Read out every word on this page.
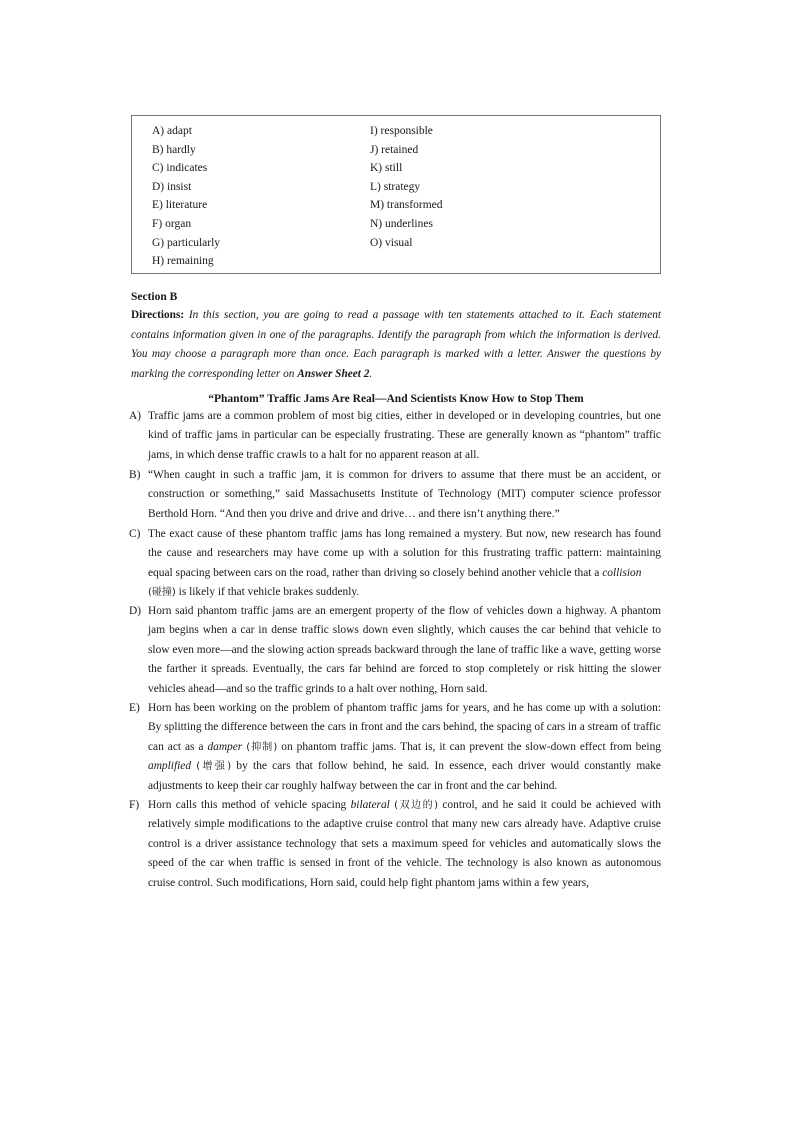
A) adapt
B) hardly
C) indicates
D) insist
E) literature
F) organ
G) particularly
H) remaining
I) responsible
J) retained
K) still
L) strategy
M) transformed
N) underlines
O) visual
Section B
Directions: In this section, you are going to read a passage with ten statements attached to it. Each statement contains information given in one of the paragraphs. Identify the paragraph from which the information is derived. You may choose a paragraph more than once. Each paragraph is marked with a letter. Answer the questions by marking the corresponding letter on Answer Sheet 2.
“Phantom” Traffic Jams Are Real—And Scientists Know How to Stop Them
A) Traffic jams are a common problem of most big cities, either in developed or in developing countries, but one kind of traffic jams in particular can be especially frustrating. These are generally known as “phantom” traffic jams, in which dense traffic crawls to a halt for no apparent reason at all.
B) “When caught in such a traffic jam, it is common for drivers to assume that there must be an accident, or construction or something,” said Massachusetts Institute of Technology (MIT) computer science professor Berthold Horn. “And then you drive and drive and drive… and there isn’t anything there.”
C) The exact cause of these phantom traffic jams has long remained a mystery. But now, new research has found the cause and researchers may have come up with a solution for this frustrating traffic pattern: maintaining equal spacing between cars on the road, rather than driving so closely behind another vehicle that a collision
(碰撞) is likely if that vehicle brakes suddenly.
D) Horn said phantom traffic jams are an emergent property of the flow of vehicles down a highway. A phantom jam begins when a car in dense traffic slows down even slightly, which causes the car behind that vehicle to slow even more—and the slowing action spreads backward through the lane of traffic like a wave, getting worse the farther it spreads. Eventually, the cars far behind are forced to stop completely or risk hitting the slower vehicles ahead—and so the traffic grinds to a halt over nothing, Horn said.
E) Horn has been working on the problem of phantom traffic jams for years, and he has come up with a solution: By splitting the difference between the cars in front and the cars behind, the spacing of cars in a stream of traffic can act as a damper (抑制) on phantom traffic jams. That is, it can prevent the slow-down effect from being amplified (增强) by the cars that follow behind, he said. In essence, each driver would constantly make adjustments to keep their car roughly halfway between the car in front and the car behind.
F) Horn calls this method of vehicle spacing bilateral (双边的) control, and he said it could be achieved with relatively simple modifications to the adaptive cruise control that many new cars already have. Adaptive cruise control is a driver assistance technology that sets a maximum speed for vehicles and automatically slows the speed of the car when traffic is sensed in front of the vehicle. The technology is also known as autonomous cruise control. Such modifications, Horn said, could help fight phantom jams within a few years,
